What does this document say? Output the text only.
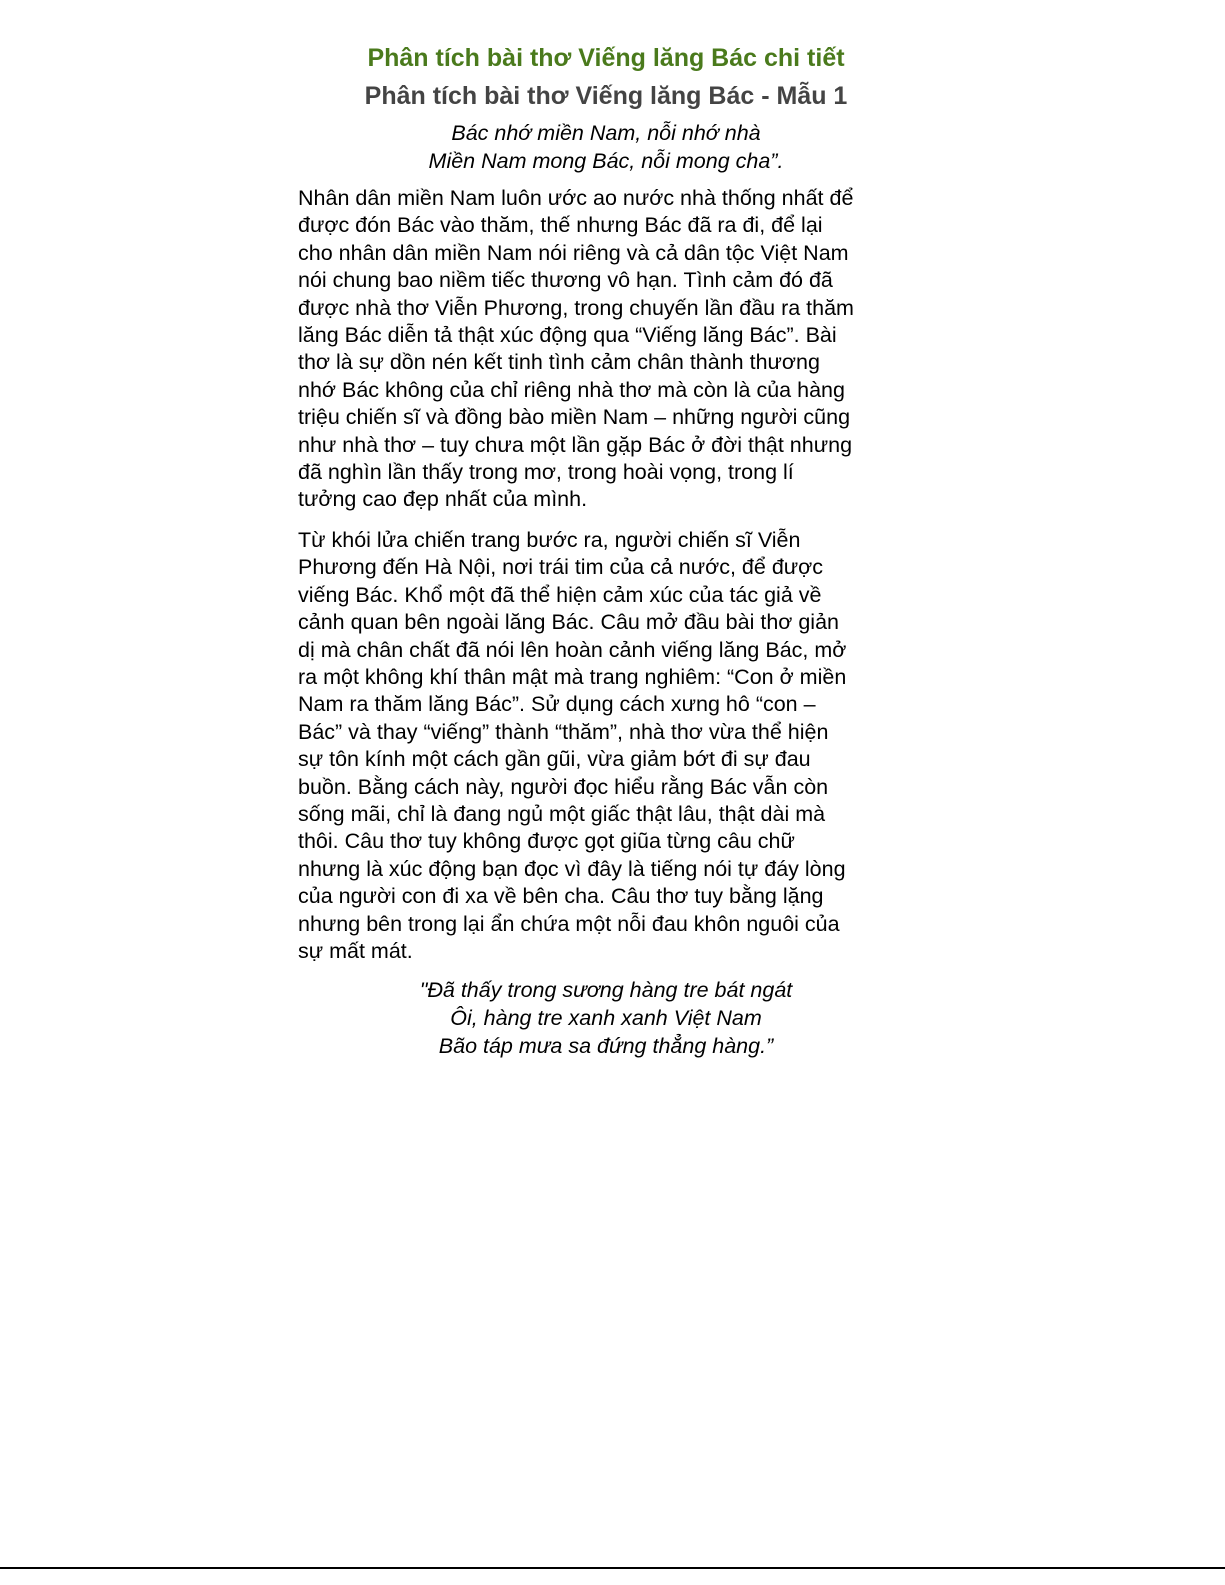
Phân tích bài thơ Viếng lăng Bác chi tiết
Phân tích bài thơ Viếng lăng Bác - Mẫu 1
Bác nhớ miền Nam, nỗi nhớ nhà
Miền Nam mong Bác, nỗi mong cha”.
Nhân dân miền Nam luôn ước ao nước nhà thống nhất để
được đón Bác vào thăm, thế nhưng Bác đã ra đi, để lại
cho nhân dân miền Nam nói riêng và cả dân tộc Việt Nam
nói chung bao niềm tiếc thương vô hạn. Tình cảm đó đã
được nhà thơ Viễn Phương, trong chuyến lần đầu ra thăm
lăng Bác diễn tả thật xúc động qua “Viếng lăng Bác”. Bài
thơ là sự dồn nén kết tinh tình cảm chân thành thương
nhớ Bác không của chỉ riêng nhà thơ mà còn là của hàng
triệu chiến sĩ và đồng bào miền Nam – những người cũng
như nhà thơ – tuy chưa một lần gặp Bác ở đời thật nhưng
đã nghìn lần thấy trong mơ, trong hoài vọng, trong lí
tưởng cao đẹp nhất của mình.
Từ khói lửa chiến trang bước ra, người chiến sĩ Viễn
Phương đến Hà Nội, nơi trái tim của cả nước, để được
viếng Bác. Khổ một đã thể hiện cảm xúc của tác giả về
cảnh quan bên ngoài lăng Bác. Câu mở đầu bài thơ giản
dị mà chân chất đã nói lên hoàn cảnh viếng lăng Bác, mở
ra một không khí thân mật mà trang nghiêm: “Con ở miền
Nam ra thăm lăng Bác”. Sử dụng cách xưng hô “con –
Bác” và thay “viếng” thành “thăm”, nhà thơ vừa thể hiện
sự tôn kính một cách gần gũi, vừa giảm bớt đi sự đau
buồn. Bằng cách này, người đọc hiểu rằng Bác vẫn còn
sống mãi, chỉ là đang ngủ một giấc thật lâu, thật dài mà
thôi. Câu thơ tuy không được gọt giũa từng câu chữ
nhưng là xúc động bạn đọc vì đây là tiếng nói tự đáy lòng
của người con đi xa về bên cha. Câu thơ tuy bằng lặng
nhưng bên trong lại ẩn chứa một nỗi đau khôn nguôi của
sự mất mát.
"Đã thấy trong sương hàng tre bát ngát
Ôi, hàng tre xanh xanh Việt Nam
Bão táp mưa sa đứng thẳng hàng.”
